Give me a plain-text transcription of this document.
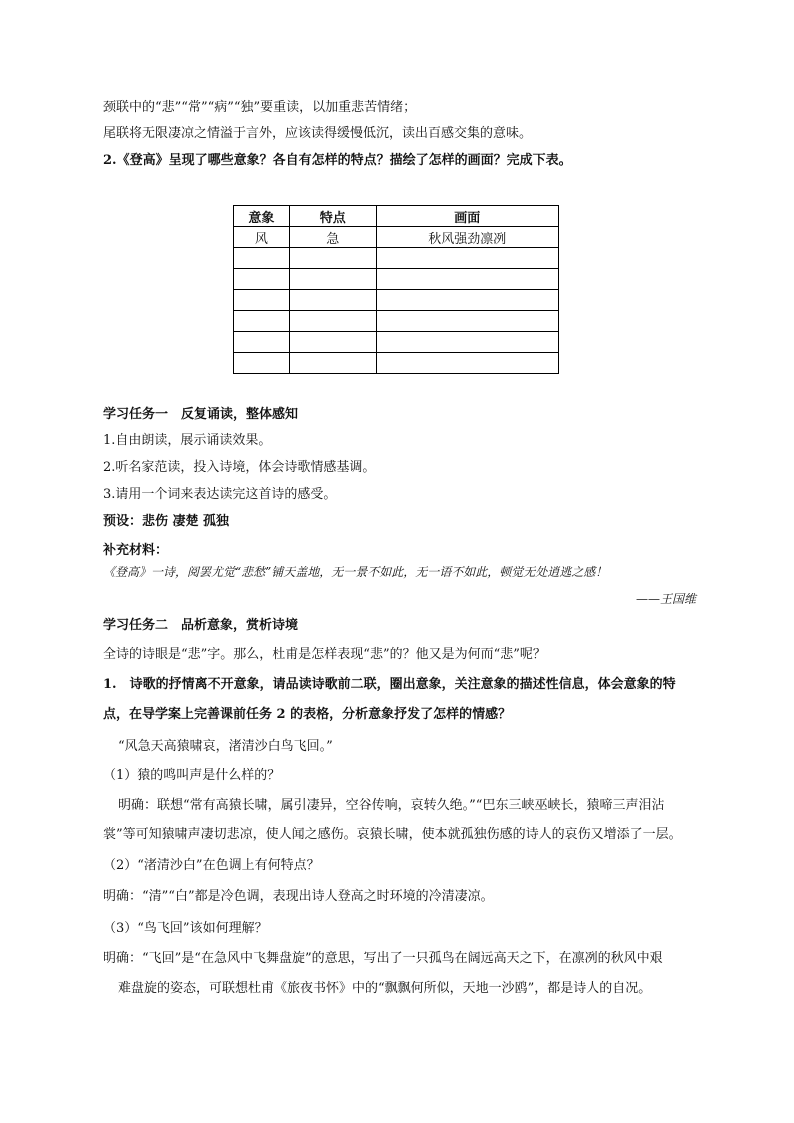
颈联中的“悲”“常”“病”“独”要重读，以加重悲苦情绪；
尾联将无限凄凉之情溢于言外，应该读得缓慢低沉，读出百感交集的意味。
2.《登高》呈现了哪些意象？各自有怎样的特点？描绘了怎样的画面？完成下表。
意象	特点	画面
风	急	秋风强劲凛冽

学习任务一　反复诵读，整体感知
1.自由朗读，展示诵读效果。
2.听名家范读，投入诗境，体会诗歌情感基调。
3.请用一个词来表达读完这首诗的感受。
预设：悲伤 凄楚 孤独
补充材料：
《登高》一诗，阅罢尤觉“悲愁”铺天盖地，无一景不如此，无一语不如此，顿觉无处逍逃之感！
——王国维
学习任务二　品析意象，赏析诗境
全诗的诗眼是“悲”字。那么，杜甫是怎样表现“悲”的？他又是为何而“悲”呢？
1.　诗歌的抒情离不开意象，请品读诗歌前二联，圈出意象，关注意象的描述性信息，体会意象的特
点，在导学案上完善课前任务 2 的表格，分析意象抒发了怎样的情感？
“风急天高猿啸哀，渚清沙白鸟飞回。”
（1）猿的鸣叫声是什么样的？
明确：联想“常有高猿长啸，属引凄异，空谷传响，哀转久绝。”“巴东三峡巫峡长，猿啼三声泪沾
裳”等可知猿啸声凄切悲凉，使人闻之感伤。哀猿长啸，使本就孤独伤感的诗人的哀伤又增添了一层。
（2）“渚清沙白”在色调上有何特点？
明确：“清”“白”都是冷色调，表现出诗人登高之时环境的冷清凄凉。
（3）“鸟飞回”该如何理解？
明确：“飞回”是“在急风中飞舞盘旋”的意思，写出了一只孤鸟在阔远高天之下，在凛冽的秋风中艰
难盘旋的姿态，可联想杜甫《旅夜书怀》中的“飘飘何所似，天地一沙鸥”，都是诗人的自况。
